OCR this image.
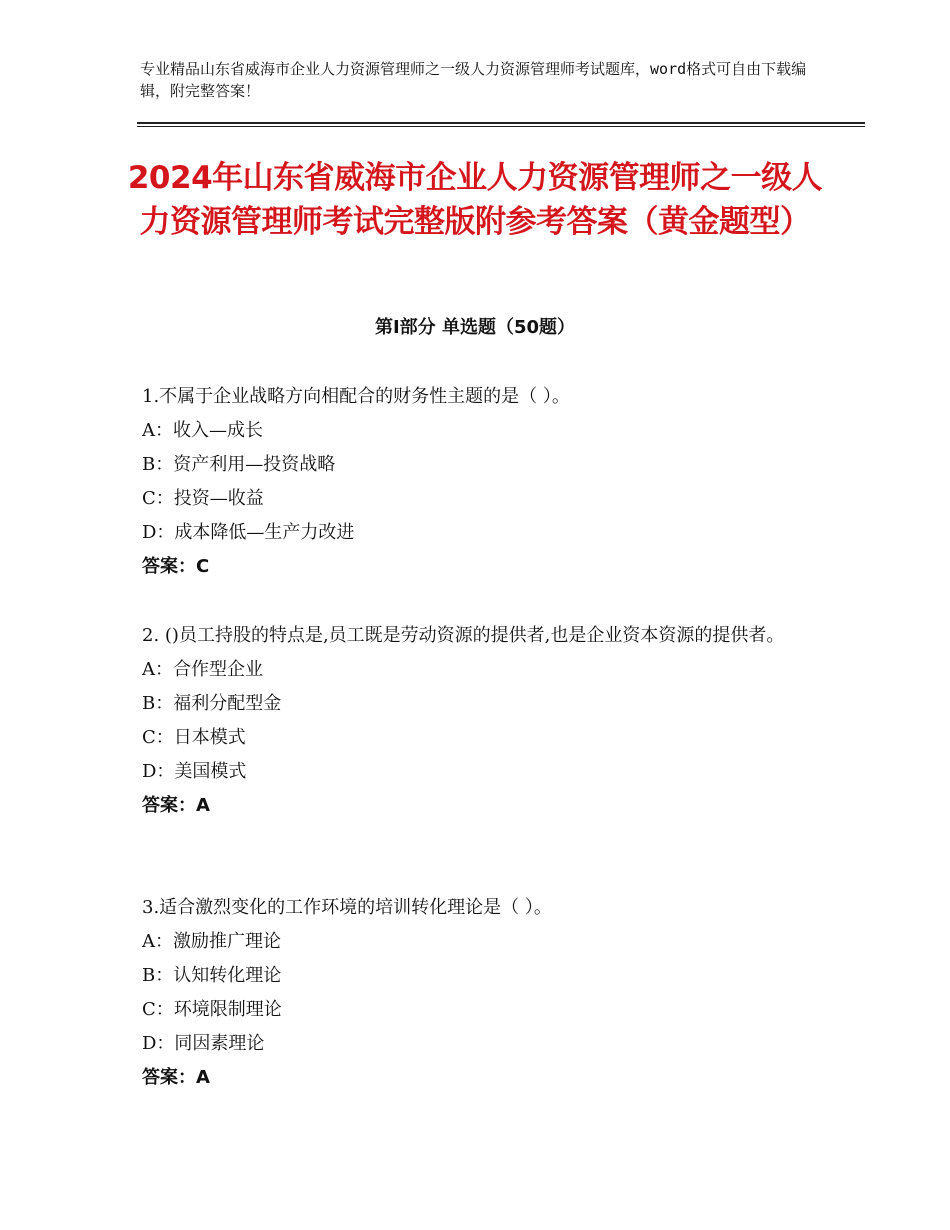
专业精品山东省威海市企业人力资源管理师之一级人力资源管理师考试题库，word格式可自由下载编辑，附完整答案！
2024年山东省威海市企业人力资源管理师之一级人力资源管理师考试完整版附参考答案（黄金题型）
第Ⅰ部分 单选题（50题）

1.不属于企业战略方向相配合的财务性主题的是（ ）。

A：收入—成长

B：资产利用—投资战略

C：投资—收益

D：成本降低—生产力改进

答案：C

2. ()员工持股的特点是,员工既是劳动资源的提供者,也是企业资本资源的提供者。

A：合作型企业

B：福利分配型金

C：日本模式

D：美国模式

答案：A

3.适合激烈变化的工作环境的培训转化理论是（ ）。

A：激励推广理论

B：认知转化理论

C：环境限制理论

D：同因素理论

答案：A
